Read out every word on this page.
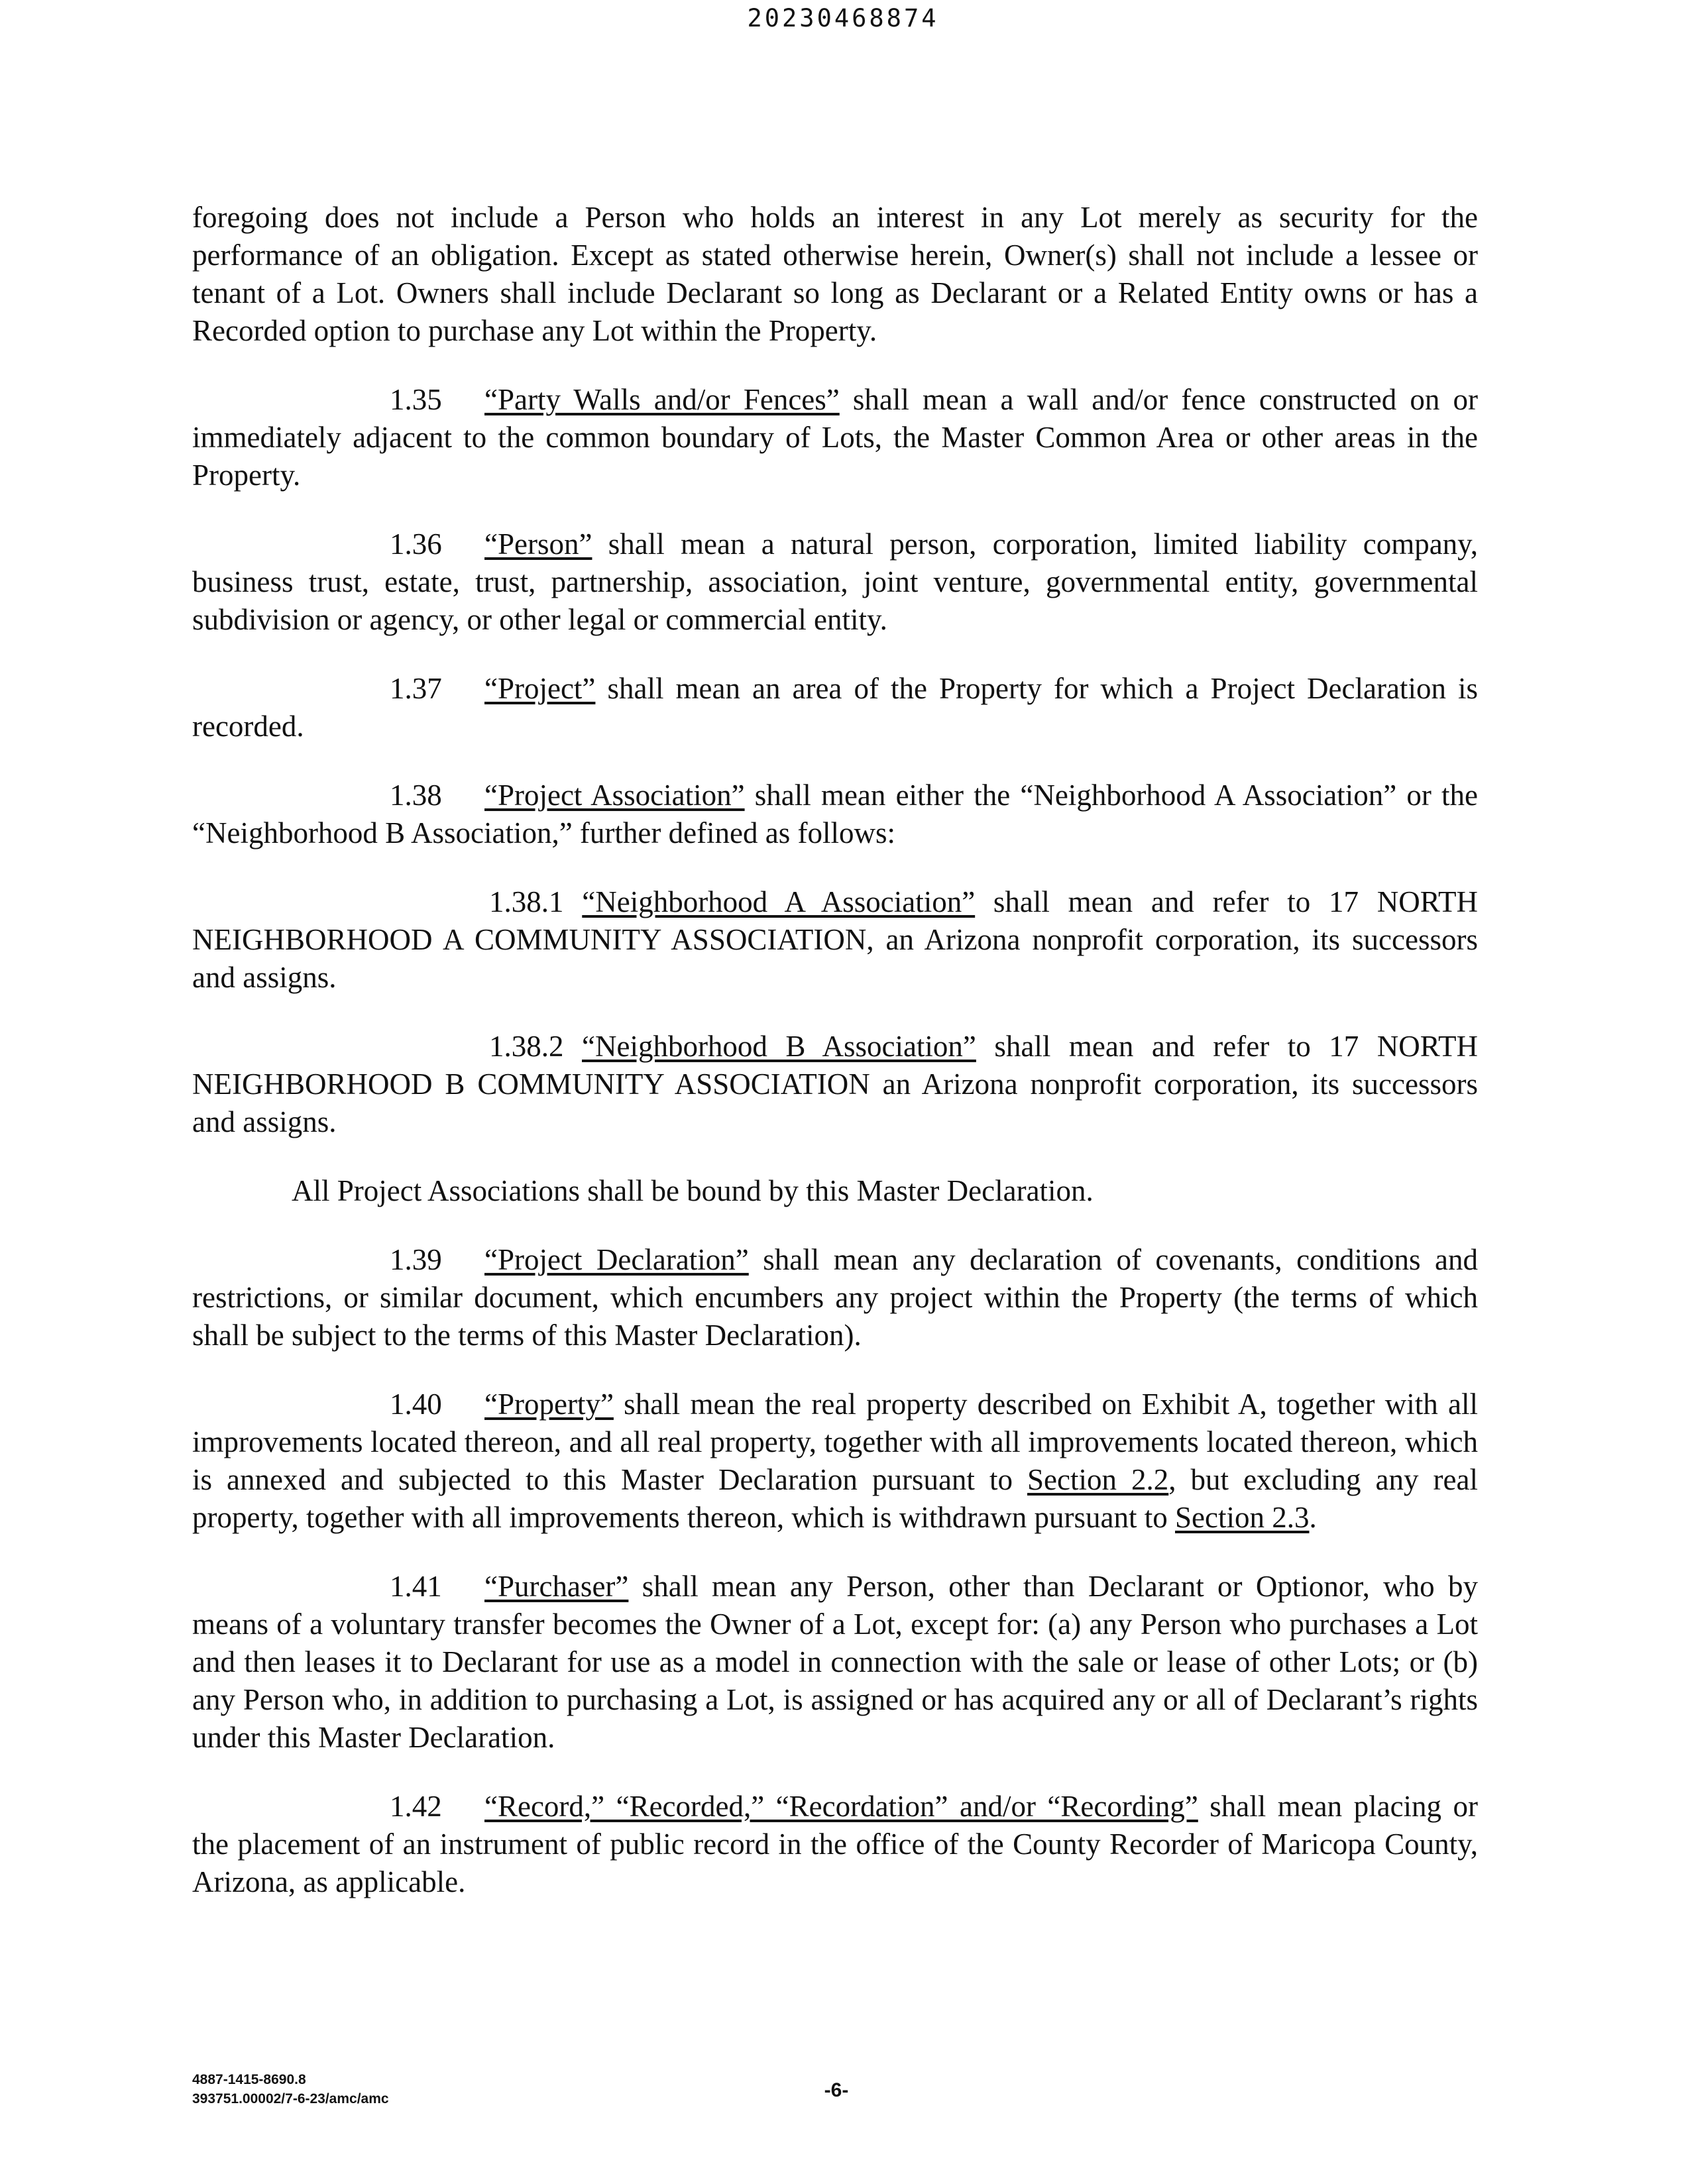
20230468874

foregoing does not include a Person who holds an interest in any Lot merely as security for the performance of an obligation. Except as stated otherwise herein, Owner(s) shall not include a lessee or tenant of a Lot. Owners shall include Declarant so long as Declarant or a Related Entity owns or has a Recorded option to purchase any Lot within the Property.

1.35 “Party Walls and/or Fences” shall mean a wall and/or fence constructed on or immediately adjacent to the common boundary of Lots, the Master Common Area or other areas in the Property.

1.36 “Person” shall mean a natural person, corporation, limited liability company, business trust, estate, trust, partnership, association, joint venture, governmental entity, governmental subdivision or agency, or other legal or commercial entity.

1.37 “Project” shall mean an area of the Property for which a Project Declaration is recorded.

1.38 “Project Association” shall mean either the “Neighborhood A Association” or the “Neighborhood B Association,” further defined as follows:

1.38.1 “Neighborhood A Association” shall mean and refer to 17 NORTH NEIGHBORHOOD A COMMUNITY ASSOCIATION, an Arizona nonprofit corporation, its successors and assigns.

1.38.2 “Neighborhood B Association” shall mean and refer to 17 NORTH NEIGHBORHOOD B COMMUNITY ASSOCIATION an Arizona nonprofit corporation, its successors and assigns.

All Project Associations shall be bound by this Master Declaration.

1.39 “Project Declaration” shall mean any declaration of covenants, conditions and restrictions, or similar document, which encumbers any project within the Property (the terms of which shall be subject to the terms of this Master Declaration).

1.40 “Property” shall mean the real property described on Exhibit A, together with all improvements located thereon, and all real property, together with all improvements located thereon, which is annexed and subjected to this Master Declaration pursuant to Section 2.2, but excluding any real property, together with all improvements thereon, which is withdrawn pursuant to Section 2.3.

1.41 “Purchaser” shall mean any Person, other than Declarant or Optionor, who by means of a voluntary transfer becomes the Owner of a Lot, except for: (a) any Person who purchases a Lot and then leases it to Declarant for use as a model in connection with the sale or lease of other Lots; or (b) any Person who, in addition to purchasing a Lot, is assigned or has acquired any or all of Declarant’s rights under this Master Declaration.

1.42 “Record,” “Recorded,” “Recordation” and/or “Recording” shall mean placing or the placement of an instrument of public record in the office of the County Recorder of Maricopa County, Arizona, as applicable.

4887-1415-8690.8
393751.00002/7-6-23/amc/amc	-6-
